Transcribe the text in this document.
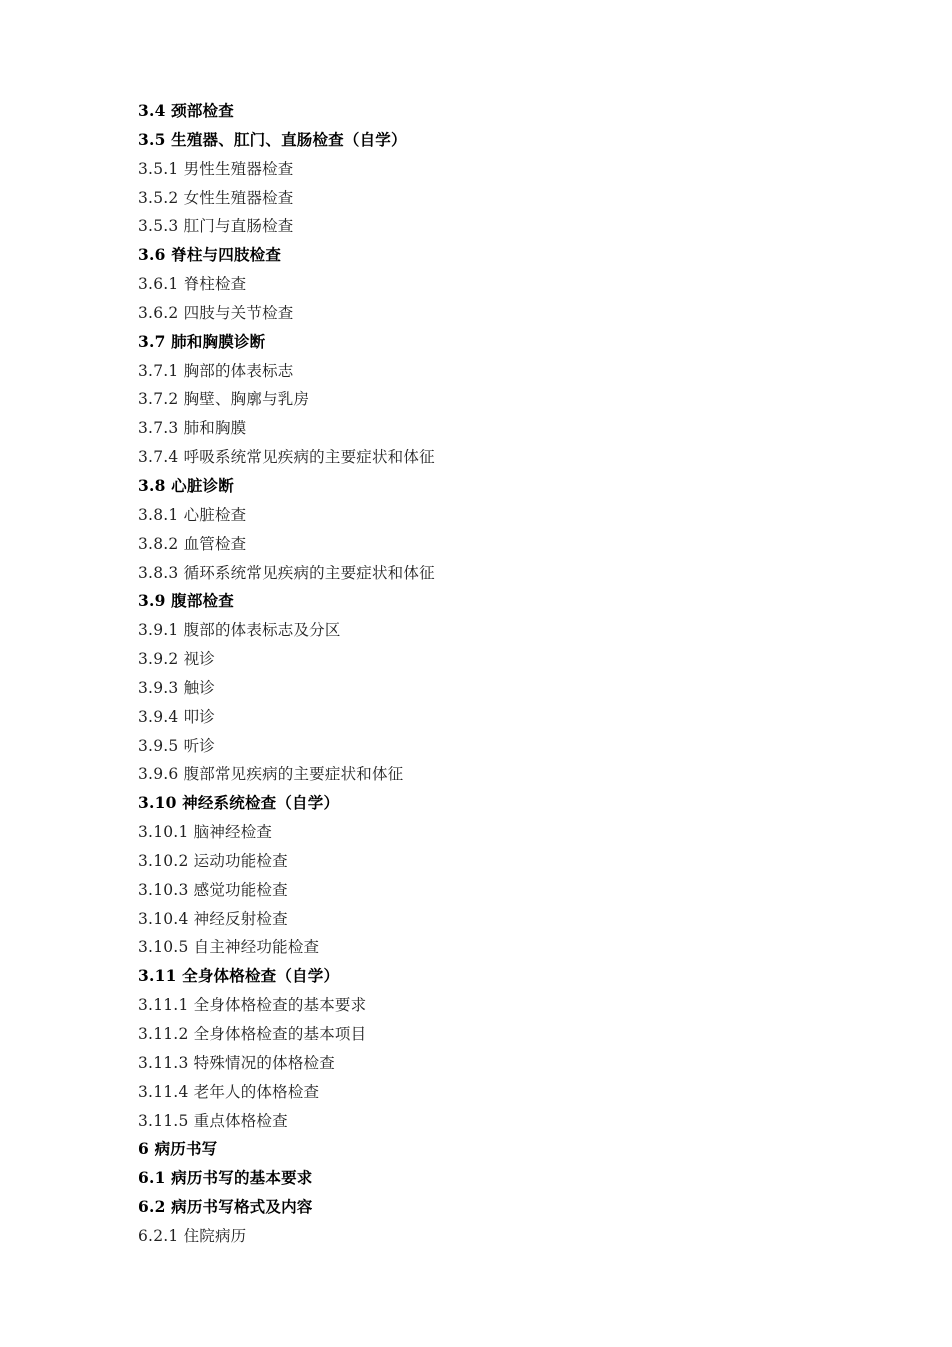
3.4 颈部检查
3.5 生殖器、肛门、直肠检查（自学）
3.5.1 男性生殖器检查
3.5.2 女性生殖器检查
3.5.3 肛门与直肠检查
3.6 脊柱与四肢检查
3.6.1 脊柱检查
3.6.2 四肢与关节检查
3.7 肺和胸膜诊断
3.7.1 胸部的体表标志
3.7.2 胸壁、胸廓与乳房
3.7.3 肺和胸膜
3.7.4 呼吸系统常见疾病的主要症状和体征
3.8 心脏诊断
3.8.1 心脏检查
3.8.2 血管检查
3.8.3 循环系统常见疾病的主要症状和体征
3.9 腹部检查
3.9.1 腹部的体表标志及分区
3.9.2 视诊
3.9.3 触诊
3.9.4 叩诊
3.9.5 听诊
3.9.6 腹部常见疾病的主要症状和体征
3.10 神经系统检查（自学）
3.10.1 脑神经检查
3.10.2 运动功能检查
3.10.3 感觉功能检查
3.10.4 神经反射检查
3.10.5 自主神经功能检查
3.11 全身体格检查（自学）
3.11.1 全身体格检查的基本要求
3.11.2 全身体格检查的基本项目
3.11.3 特殊情况的体格检查
3.11.4 老年人的体格检查
3.11.5 重点体格检查
6 病历书写
6.1 病历书写的基本要求
6.2 病历书写格式及内容
6.2.1 住院病历
